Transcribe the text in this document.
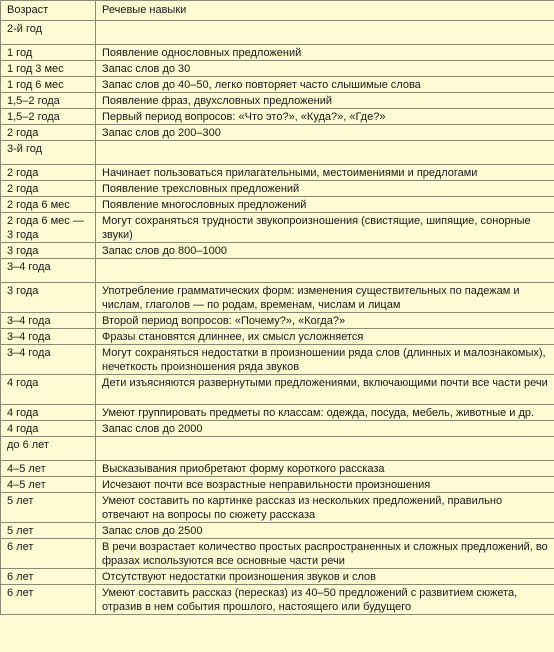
Возраст	Речевые навыки
2-й год	
1 год	Появление однословных предложений
1 год 3 мес	Запас слов до 30
1 год 6 мес	Запас слов до 40–50, легко повторяет часто слышимые слова
1,5–2 года	Появление фраз, двухсловных предложений
1,5–2 года	Первый период вопросов: «Что это?», «Куда?», «Где?»
2 года	Запас слов до 200–300
3-й год	
2 года	Начинает пользоваться прилагательными, местоимениями и предлогами
2 года	Появление трехсловных предложений
2 года 6 мес	Появление многословных предложений
2 года 6 мес — 3 года	Могут сохраняться трудности звукопроизношения (свистящие, шипящие, сонорные звуки)
3 года	Запас слов до 800–1000
3–4 года	
3 года	Употребление грамматических форм: изменения существительных по падежам и числам, глаголов — по родам, временам, числам и лицам
3–4 года	Второй период вопросов: «Почему?», «Когда?»
3–4 года	Фразы становятся длиннее, их смысл усложняется
3–4 года	Могут сохраняться недостатки в произношении ряда слов (длинных и малознакомых), нечеткость произношения ряда звуков
4 года	Дети изъясняются развернутыми предложениями, включающими почти все части речи
4 года	Умеют группировать предметы по классам: одежда, посуда, мебель, животные и др.
4 года	Запас слов до 2000
до 6 лет	
4–5 лет	Высказывания приобретают форму короткого рассказа
4–5 лет	Исчезают почти все возрастные неправильности произношения
5 лет	Умеют составить по картинке рассказ из нескольких предложений, правильно отвечают на вопросы по сюжету рассказа
5 лет	Запас слов до 2500
6 лет	В речи возрастает количество простых распространенных и сложных предложений, во фразах используются все основные части речи
6 лет	Отсутствуют недостатки произношения звуков и слов
6 лет	Умеют составить рассказ (пересказ) из 40–50 предложений с развитием сюжета, отразив в нем события прошлого, настоящего или будущего
